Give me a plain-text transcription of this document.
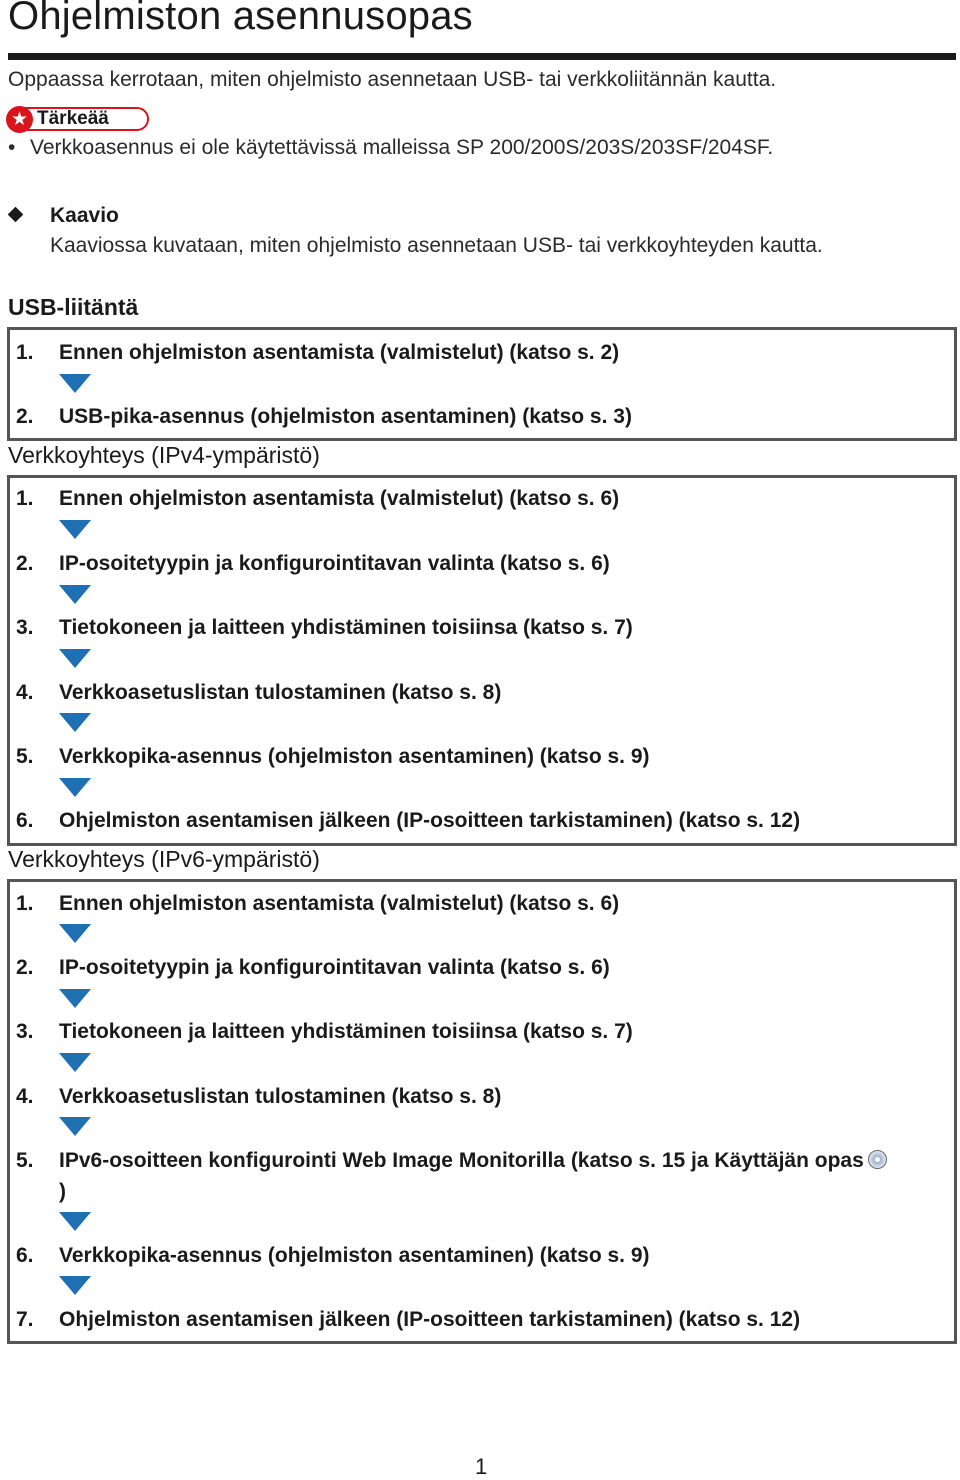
Ohjelmiston asennusopas
Oppaassa kerrotaan, miten ohjelmisto asennetaan USB- tai verkkoliitännän kautta.
★ Tärkeää
• Verkkoasennus ei ole käytettävissä malleissa SP 200/200S/203S/203SF/204SF.
Kaavio
Kaaviossa kuvataan, miten ohjelmisto asennetaan USB- tai verkkoyhteyden kautta.
USB-liitäntä
1. Ennen ohjelmiston asentamista (valmistelut) (katso s. 2)
2. USB-pika-asennus (ohjelmiston asentaminen) (katso s. 3)
Verkkoyhteys (IPv4-ympäristö)
1. Ennen ohjelmiston asentamista (valmistelut) (katso s. 6)
2. IP-osoitetyypin ja konfigurointitavan valinta (katso s. 6)
3. Tietokoneen ja laitteen yhdistäminen toisiinsa (katso s. 7)
4. Verkkoasetuslistan tulostaminen (katso s. 8)
5. Verkkopika-asennus (ohjelmiston asentaminen) (katso s. 9)
6. Ohjelmiston asentamisen jälkeen (IP-osoitteen tarkistaminen) (katso s. 12)
Verkkoyhteys (IPv6-ympäristö)
1. Ennen ohjelmiston asentamista (valmistelut) (katso s. 6)
2. IP-osoitetyypin ja konfigurointitavan valinta (katso s. 6)
3. Tietokoneen ja laitteen yhdistäminen toisiinsa (katso s. 7)
4. Verkkoasetuslistan tulostaminen (katso s. 8)
5. IPv6-osoitteen konfigurointi Web Image Monitorilla (katso s. 15 ja Käyttäjän opas
)
6. Verkkopika-asennus (ohjelmiston asentaminen) (katso s. 9)
7. Ohjelmiston asentamisen jälkeen (IP-osoitteen tarkistaminen) (katso s. 12)
1
